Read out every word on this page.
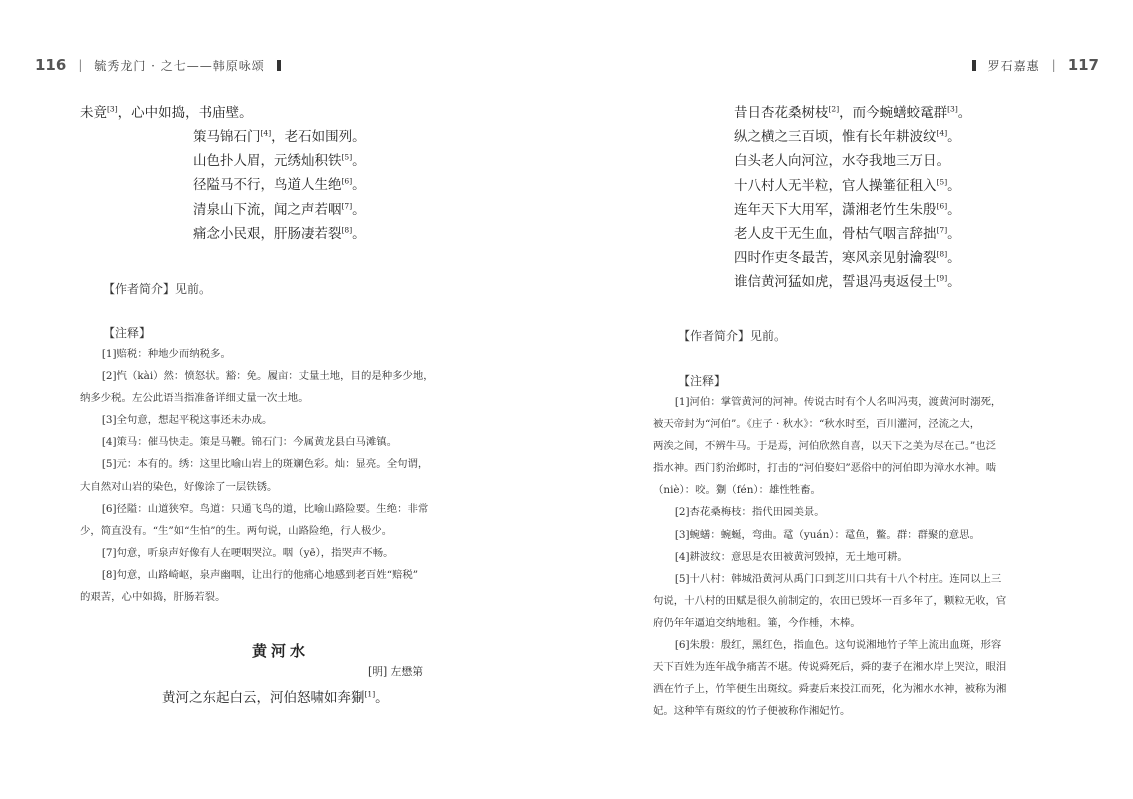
116 | 毓秀龙门 · 之七——韩原咏颂
未竟[3]，心中如捣，书庙壁。
策马锦石门[4]，老石如围列。
山色扑人眉，元绣灿积铁[5]。
径隘马不行，鸟道人生绝[6]。
清泉山下流，闻之声若咽[7]。
痛念小民艰，肝肠凄若裂[8]。
【作者简介】见前。
【注释】
[1]赔税：种地少而纳税多。
[2]忾（kài）然：愤怒状。豁：免。履亩：丈量土地，目的是种多少地，
纳多少税。左公此语当指准备详细丈量一次土地。
[3]全句意，想起平税这事还未办成。
[4]策马：催马快走。策是马鞭。锦石门：今属黄龙县白马滩镇。
[5]元：本有的。绣：这里比喻山岩上的斑斓色彩。灿：显亮。全句谓，
大自然对山岩的染色，好像涂了一层铁锈。
[6]径隘：山道狭窄。鸟道：只通飞鸟的道，比喻山路险要。生绝：非常
少，简直没有。“生”如“生怕”的生。两句说，山路险绝，行人极少。
[7]句意，听泉声好像有人在哽咽哭泣。咽（yē），指哭声不畅。
[8]句意，山路崎岖，泉声幽咽，让出行的他痛心地感到老百姓“赔税”
的艰苦，心中如捣，肝肠若裂。
黄河水
[明] 左懋第
黄河之东起白云，河伯怒啸如奔猘[1]。
罗石嘉惠 | 117
昔日杏花桑树枝[2]，而今蜿蟮蛟鼋群[3]。
纵之横之三百顷，惟有长年耕波纹[4]。
白头老人向河泣，水夺我地三万日。
十八村人无半粒，官人操箠征租入[5]。
连年天下大用军，潇湘老竹生朱殷[6]。
老人皮干无生血，骨枯气咽言辞拙[7]。
四时作吏冬最苦，寒风亲见射瀹裂[8]。
谁信黄河猛如虎，誓退冯夷返侵土[9]。
【作者简介】见前。
【注释】
[1]河伯：掌管黄河的河神。传说古时有个人名叫冯夷，渡黄河时溺死，
被天帝封为“河伯”。《庄子 · 秋水》：“秋水时至，百川灌河，泾流之大，
两涘之间，不辨牛马。于是焉，河伯欣然自喜，以天下之美为尽在己。”也泛
指水神。西门豹治邺时，打击的“河伯娶妇”恶俗中的河伯即为漳水水神。啮
（niè）：咬。猘（fén）：雄性牲畜。
[2]杏花桑梅枝：指代田园美景。
[3]蜿蟮：蜿蜒，弯曲。鼋（yuán）：鼋鱼，鳖。群：群聚的意思。
[4]耕波纹：意思是农田被黄河毁掉，无土地可耕。
[5]十八村：韩城沿黄河从禹门口到芝川口共有十八个村庄。连同以上三
句说，十八村的田赋是很久前制定的，农田已毁坏一百多年了，颗粒无收，官
府仍年年逼迫交纳地租。箠，今作棰，木棒。
[6]朱殷：殷红，黑红色，指血色。这句说湘地竹子竿上流出血斑，形容
天下百姓为连年战争痛苦不堪。传说舜死后，舜的妻子在湘水岸上哭泣，眼泪
洒在竹子上，竹竿便生出斑纹。舜妻后来投江而死，化为湘水水神，被称为湘
妃。这种竿有斑纹的竹子便被称作湘妃竹。
